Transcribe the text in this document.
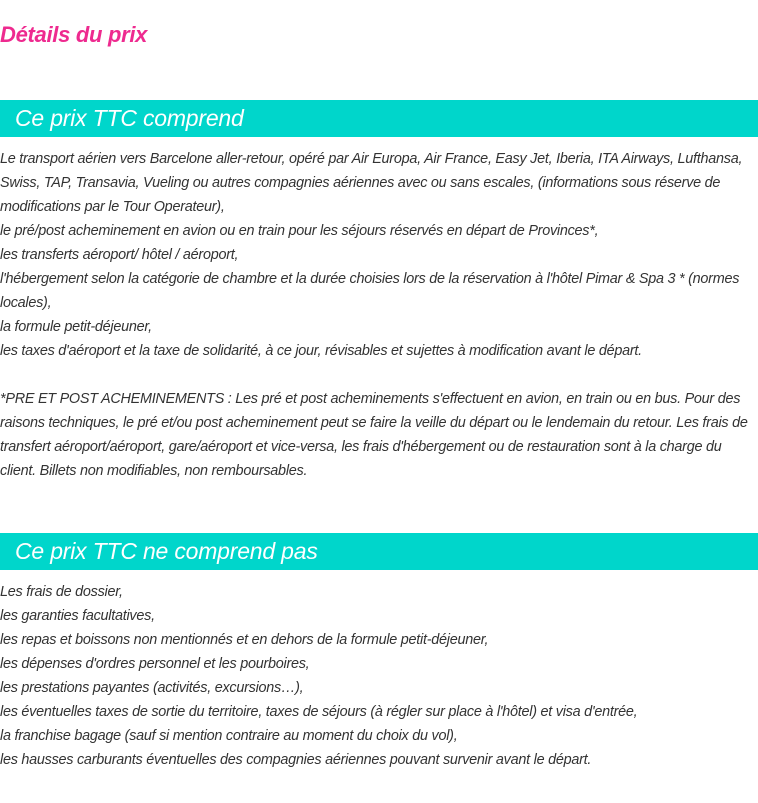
Détails du prix
Ce prix TTC comprend
Le transport aérien vers Barcelone aller-retour, opéré par Air Europa, Air France, Easy Jet, Iberia, ITA Airways, Lufthansa, Swiss, TAP, Transavia, Vueling ou autres compagnies aériennes avec ou sans escales, (informations sous réserve de modifications par le Tour Operateur),
le pré/post acheminement en avion ou en train pour les séjours réservés en départ de Provinces*,
les transferts aéroport/ hôtel / aéroport,
l'hébergement selon la catégorie de chambre et la durée choisies lors de la réservation à l'hôtel Pimar & Spa 3 * (normes locales),
la formule petit-déjeuner,
les taxes d'aéroport et la taxe de solidarité, à ce jour, révisables et sujettes à modification avant le départ.
*PRE ET POST ACHEMINEMENTS : Les pré et post acheminements s'effectuent en avion, en train ou en bus. Pour des raisons techniques, le pré et/ou post acheminement peut se faire la veille du départ ou le lendemain du retour. Les frais de transfert aéroport/aéroport, gare/aéroport et vice-versa, les frais d'hébergement ou de restauration sont à la charge du client. Billets non modifiables, non remboursables.
Ce prix TTC ne comprend pas
Les frais de dossier,
les garanties facultatives,
les repas et boissons non mentionnés et en dehors de la formule petit-déjeuner,
les dépenses d'ordres personnel et les pourboires,
les prestations payantes (activités, excursions…),
les éventuelles taxes de sortie du territoire, taxes de séjours (à régler sur place à l'hôtel) et visa d'entrée,
la franchise bagage (sauf si mention contraire au moment du choix du vol),
les hausses carburants éventuelles des compagnies aériennes pouvant survenir avant le départ.
